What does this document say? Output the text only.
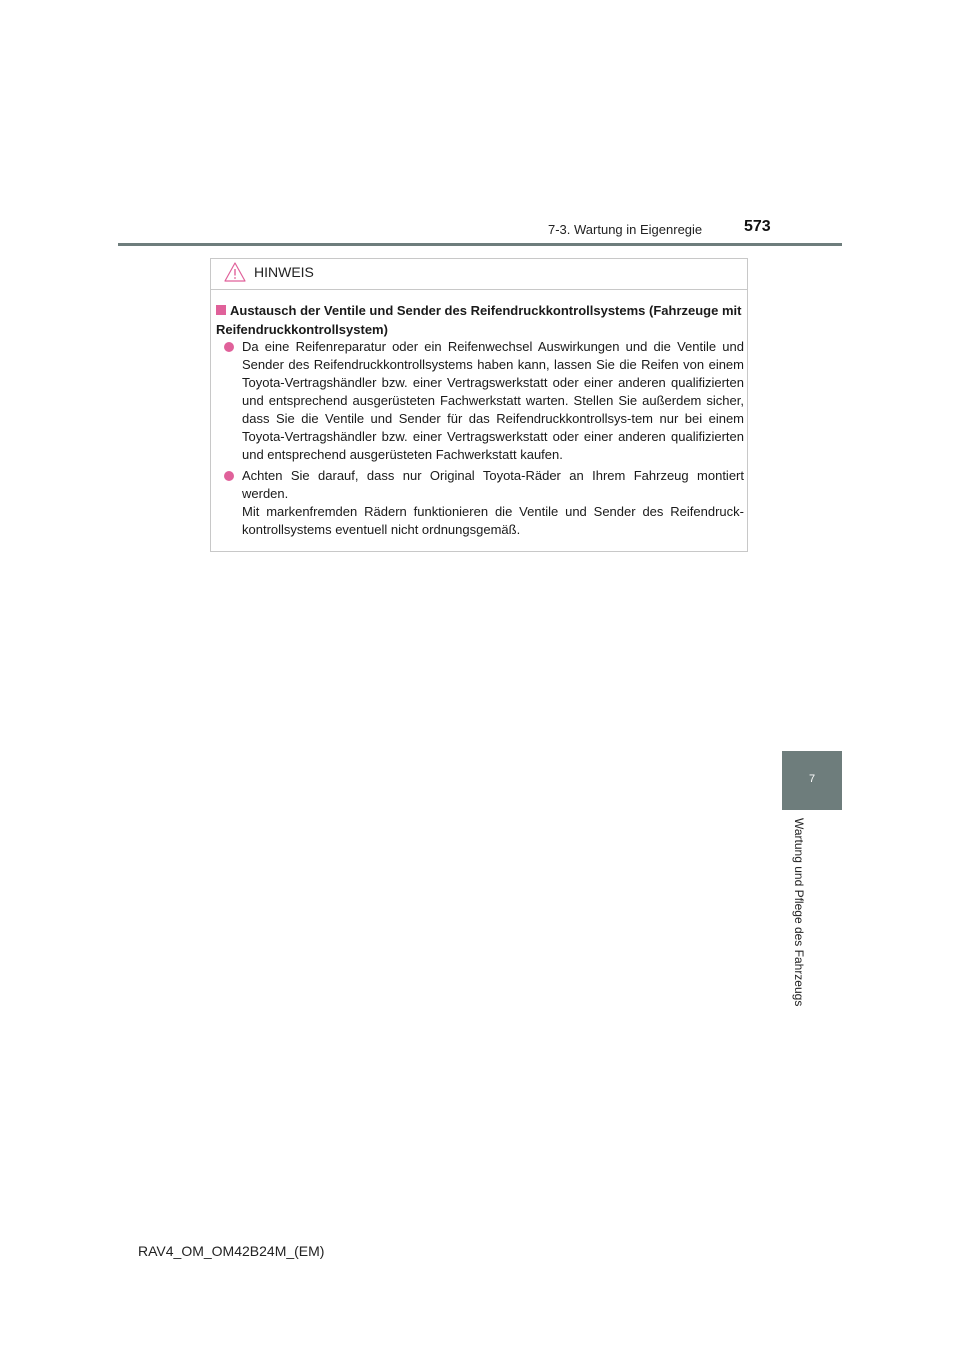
7-3. Wartung in Eigenregie	573
7
Wartung und Pflege des Fahrzeugs
HINWEIS
Austausch der Ventile und Sender des Reifendruckkontrollsystems (Fahrzeuge mit Reifendruckkontrollsystem)

Da eine Reifenreparatur oder ein Reifenwechsel Auswirkungen und die Ventile und Sender des Reifendruckkontrollsystems haben kann, lassen Sie die Reifen von einem Toyota-Vertragshändler bzw. einer Vertragswerkstatt oder einer anderen qualifizierten und entsprechend ausgerüsteten Fachwerkstatt warten. Stellen Sie außerdem sicher, dass Sie die Ventile und Sender für das Reifendruckkontrollsys-tem nur bei einem Toyota-Vertragshändler bzw. einer Vertragswerkstatt oder einer anderen qualifizierten und entsprechend ausgerüsteten Fachwerkstatt kaufen.

Achten Sie darauf, dass nur Original Toyota-Räder an Ihrem Fahrzeug montiert werden.

Mit markenfremden Rädern funktionieren die Ventile und Sender des Reifendruck-kontrollsystems eventuell nicht ordnungsgemäß.

RAV4_OM_OM42B24M_(EM)
